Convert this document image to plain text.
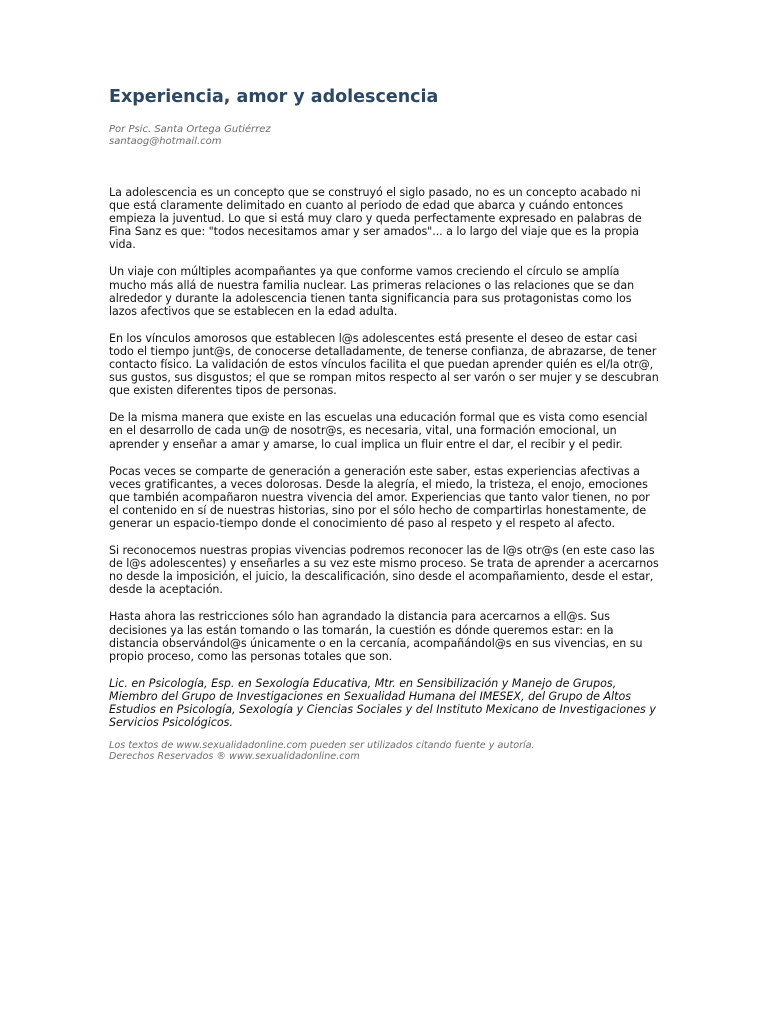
Experiencia, amor y adolescencia
Por Psic. Santa Ortega Gutiérrez
santaog@hotmail.com

La adolescencia es un concepto que se construyó el siglo pasado, no es un concepto acabado ni que está claramente delimitado en cuanto al periodo de edad que abarca y cuándo entonces empieza la juventud. Lo que si está muy claro y queda perfectamente expresado en palabras de Fina Sanz es que: "todos necesitamos amar y ser amados"... a lo largo del viaje que es la propia vida.

Un viaje con múltiples acompañantes ya que conforme vamos creciendo el círculo se amplía mucho más allá de nuestra familia nuclear. Las primeras relaciones o las relaciones que se dan alrededor y durante la adolescencia tienen tanta significancia para sus protagonistas como los lazos afectivos que se establecen en la edad adulta.

En los vínculos amorosos que establecen l@s adolescentes está presente el deseo de estar casi todo el tiempo junt@s, de conocerse detalladamente, de tenerse confianza, de abrazarse, de tener contacto físico. La validación de estos vínculos facilita el que puedan aprender quién es el/la otr@, sus gustos, sus disgustos; el que se rompan mitos respecto al ser varón o ser mujer y se descubran que existen diferentes tipos de personas.

De la misma manera que existe en las escuelas una educación formal que es vista como esencial en el desarrollo de cada un@ de nosotr@s, es necesaria, vital, una formación emocional, un aprender y enseñar a amar y amarse, lo cual implica un fluir entre el dar, el recibir y el pedir.

Pocas veces se comparte de generación a generación este saber, estas experiencias afectivas a veces gratificantes, a veces dolorosas. Desde la alegría, el miedo, la tristeza, el enojo, emociones que también acompañaron nuestra vivencia del amor. Experiencias que tanto valor tienen, no por el contenido en sí de nuestras historias, sino por el sólo hecho de compartirlas honestamente, de generar un espacio-tiempo donde el conocimiento dé paso al respeto y el respeto al afecto.

Si reconocemos nuestras propias vivencias podremos reconocer las de l@s otr@s (en este caso las de l@s adolescentes) y enseñarles a su vez este mismo proceso. Se trata de aprender a acercarnos no desde la imposición, el juicio, la descalificación, sino desde el acompañamiento, desde el estar, desde la aceptación.

Hasta ahora las restricciones sólo han agrandado la distancia para acercarnos a ell@s. Sus decisiones ya las están tomando o las tomarán, la cuestión es dónde queremos estar: en la distancia observándol@s únicamente o en la cercanía, acompañándol@s en sus vivencias, en su propio proceso, como las personas totales que son.

Lic. en Psicología, Esp. en Sexología Educativa, Mtr. en Sensibilización y Manejo de Grupos, Miembro del Grupo de Investigaciones en Sexualidad Humana del IMESEX, del Grupo de Altos Estudios en Psicología, Sexología y Ciencias Sociales y del Instituto Mexicano de Investigaciones y Servicios Psicológicos.

Los textos de www.sexualidadonline.com pueden ser utilizados citando fuente y autoría.
Derechos Reservados ® www.sexualidadonline.com
